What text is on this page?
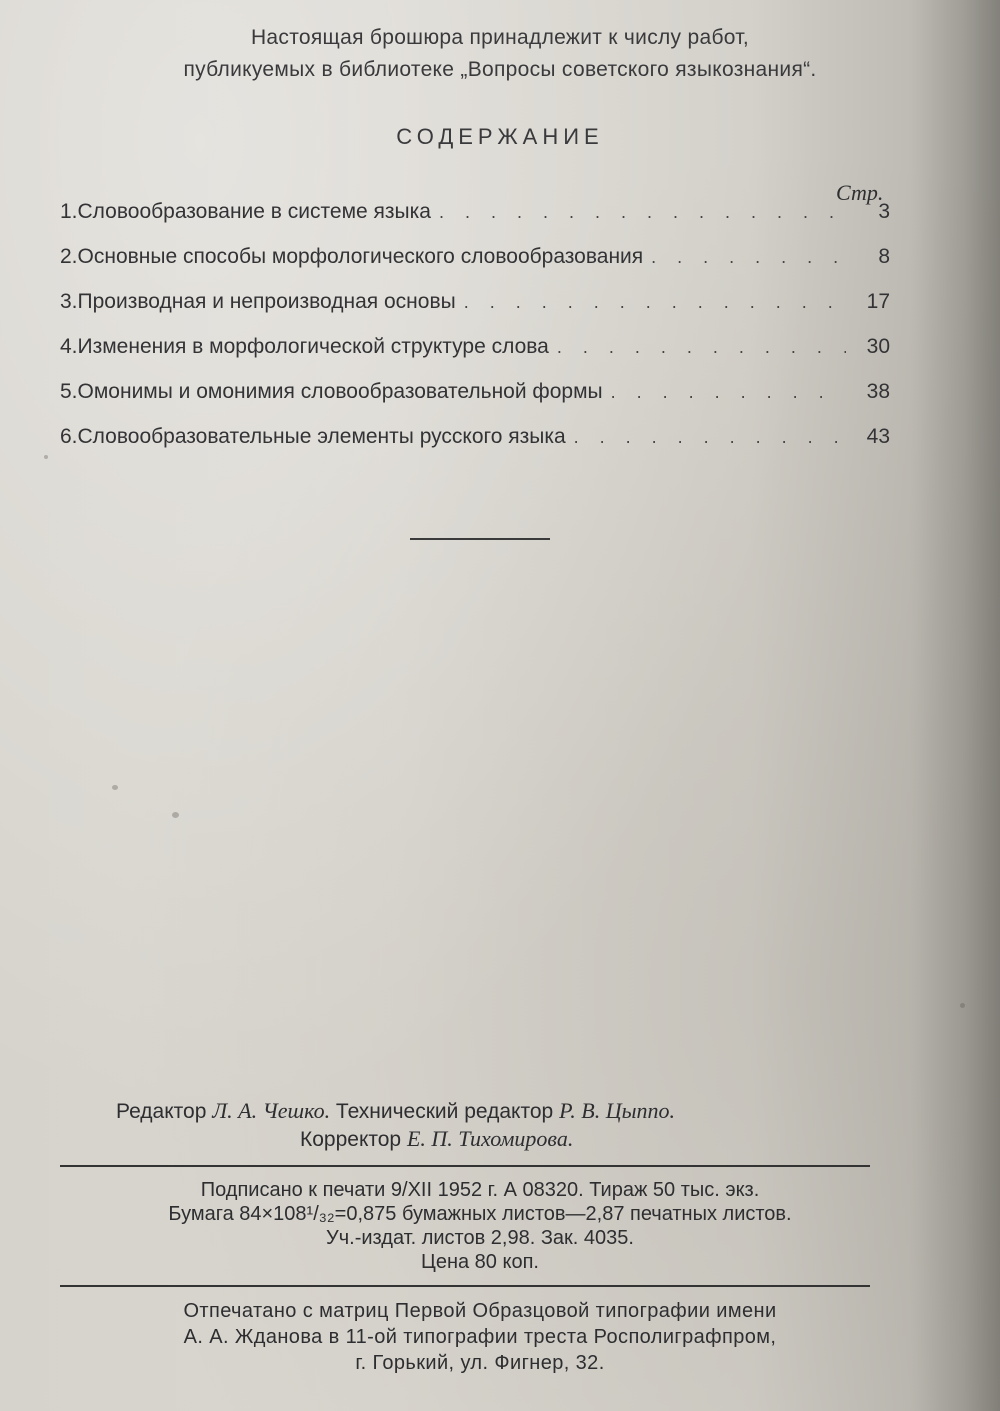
Настоящая брошюра принадлежит к числу работ,
публикуемых в библиотеке „Вопросы советского языкознания“.
СОДЕРЖАНИЕ
Стр.
1. Словообразование в системе языка . . .	3
2. Основные способы морфологического словообразования . . .	8
3. Производная и непроизводная основы . . .	17
4. Изменения в морфологической структуре слова . . .	30
5. Омонимы и омонимия словообразовательной формы . . .	38
6. Словообразовательные элементы русского языка . . .	43
Редактор Л. А. Чешко. Технический редактор Р. В. Цыппо.
Корректор Е. П. Тихомирова.
Подписано к печати 9/XII 1952 г. А 08320. Тираж 50 тыс. экз.
Бумага 84×108¹/₃₂=0,875 бумажных листов—2,87 печатных листов.
Уч.-издат. листов 2,98. Зак. 4035.
Цена 80 коп.
Отпечатано с матриц Первой Образцовой типографии имени
А. А. Жданова в 11-ой типографии треста Росполиграфпром,
г. Горький, ул. Фигнер, 32.
